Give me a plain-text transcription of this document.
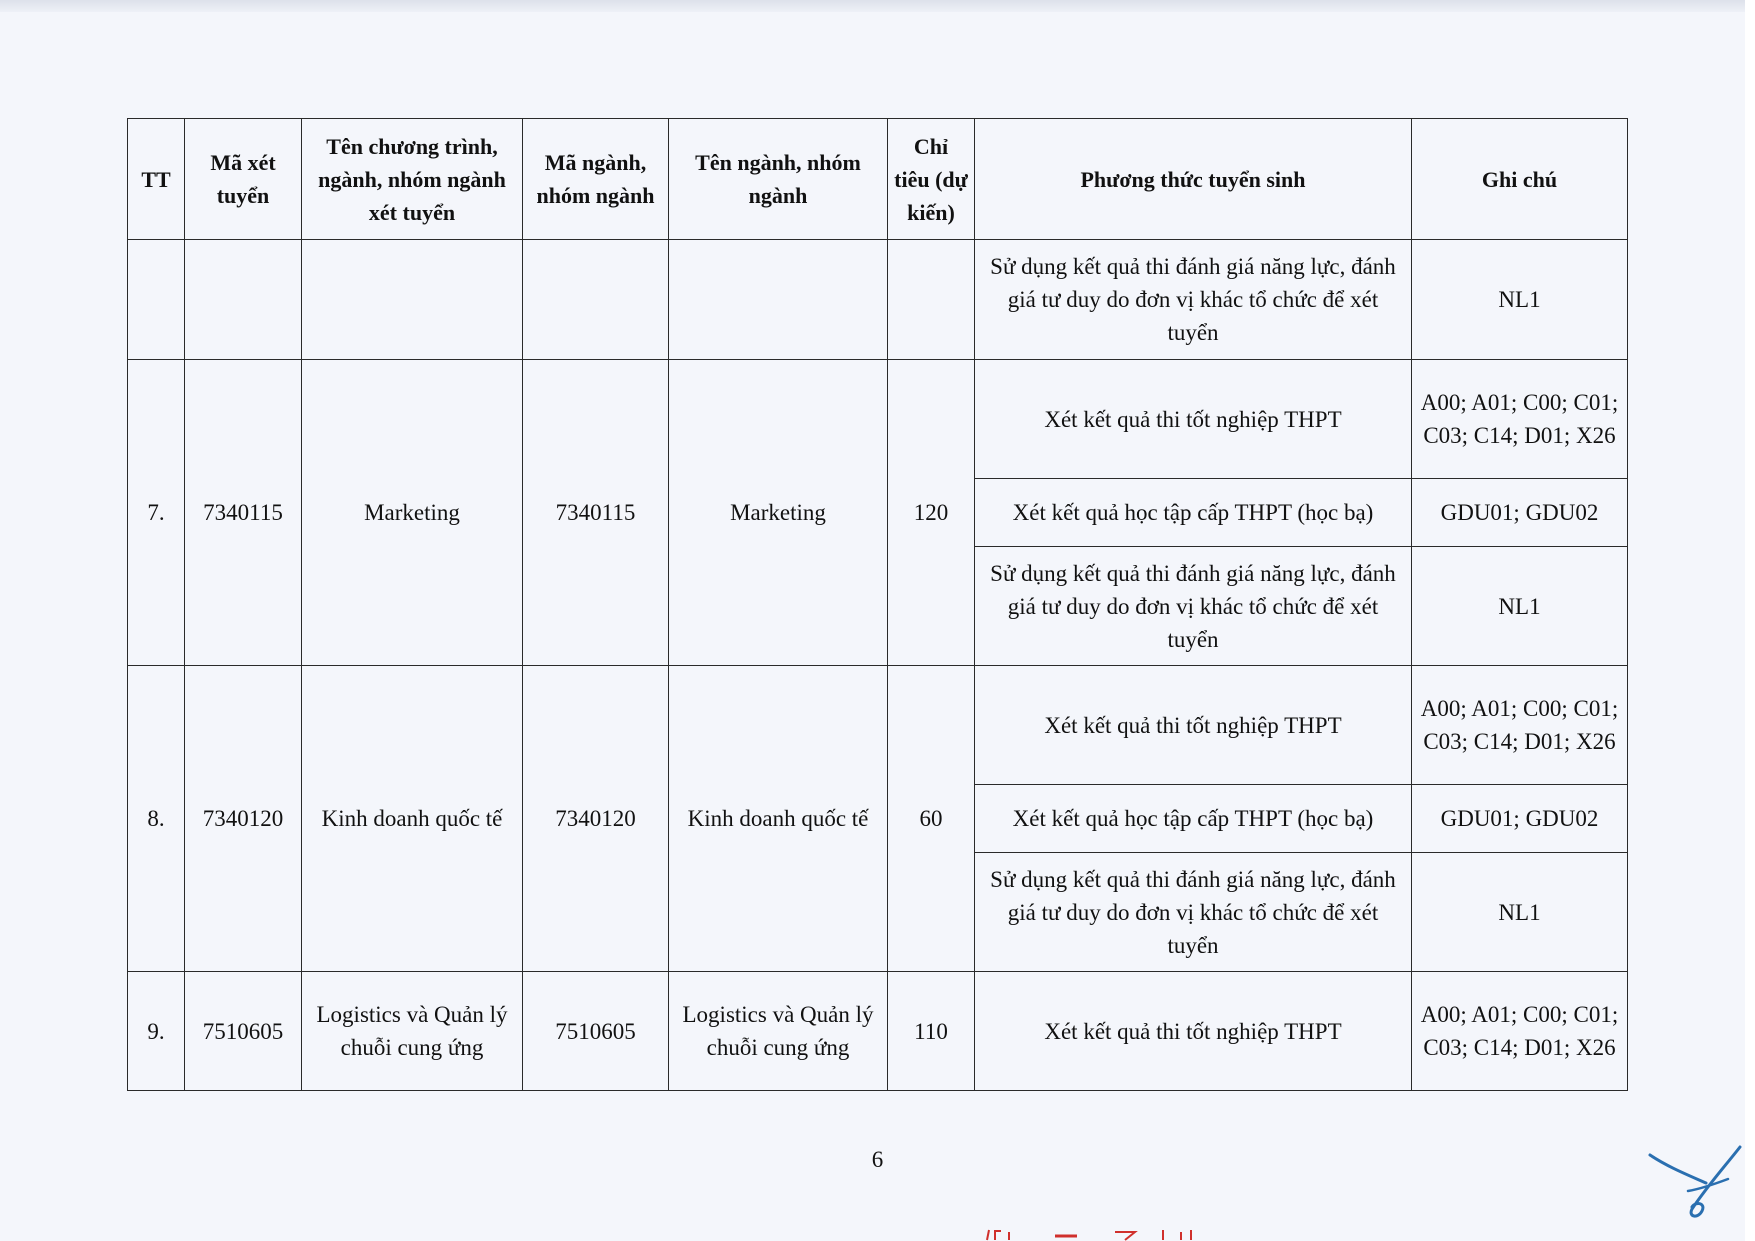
TT	Mã xét tuyển	Tên chương trình, ngành, nhóm ngành xét tuyển	Mã ngành, nhóm ngành	Tên ngành, nhóm ngành	Chỉ tiêu (dự kiến)	Phương thức tuyển sinh	Ghi chú
						Sử dụng kết quả thi đánh giá năng lực, đánh giá tư duy do đơn vị khác tổ chức để xét tuyển	NL1
7.	7340115	Marketing	7340115	Marketing	120	Xét kết quả thi tốt nghiệp THPT	A00; A01; C00; C01; C03; C14; D01; X26
						Xét kết quả học tập cấp THPT (học bạ)	GDU01; GDU02
						Sử dụng kết quả thi đánh giá năng lực, đánh giá tư duy do đơn vị khác tổ chức để xét tuyển	NL1
8.	7340120	Kinh doanh quốc tế	7340120	Kinh doanh quốc tế	60	Xét kết quả thi tốt nghiệp THPT	A00; A01; C00; C01; C03; C14; D01; X26
						Xét kết quả học tập cấp THPT (học bạ)	GDU01; GDU02
						Sử dụng kết quả thi đánh giá năng lực, đánh giá tư duy do đơn vị khác tổ chức để xét tuyển	NL1
9.	7510605	Logistics và Quản lý chuỗi cung ứng	7510605	Logistics và Quản lý chuỗi cung ứng	110	Xét kết quả thi tốt nghiệp THPT	A00; A01; C00; C01; C03; C14; D01; X26
6
